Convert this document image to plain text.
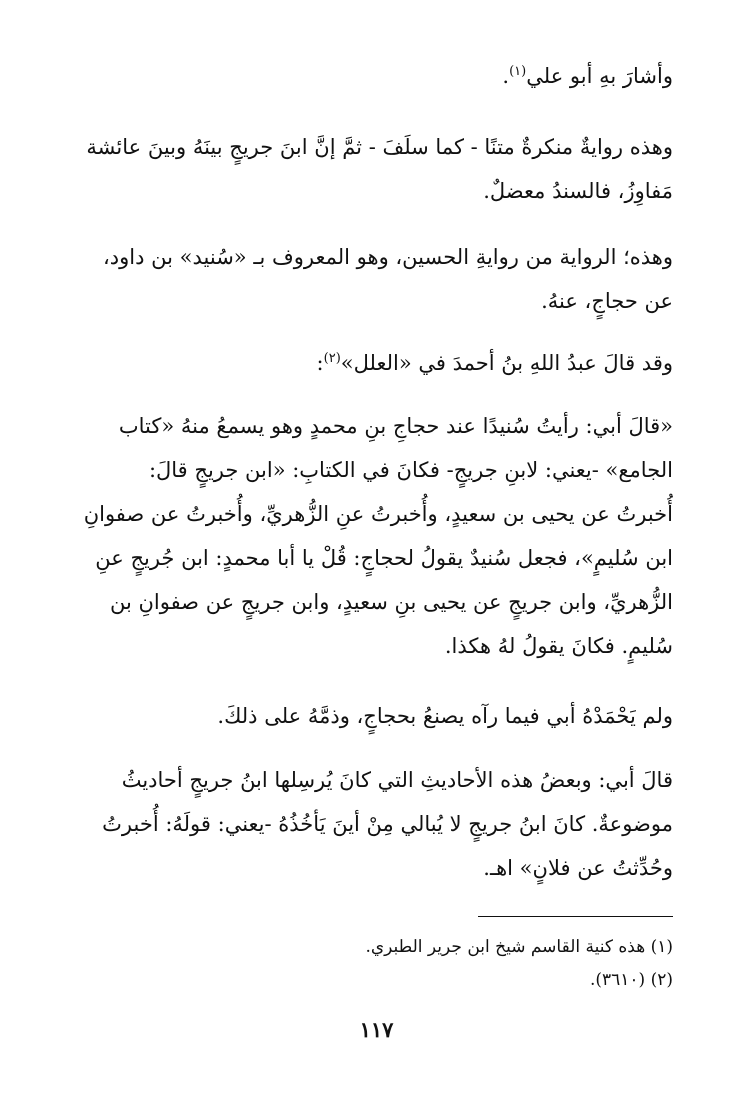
وأشارَ بهِ أبو علي$^{(١)}$.

وهذه روايةٌ منكرةٌ متنًا - كما سلَفَ - ثمَّ إنَّ ابنَ جريجٍ بينَهُ وبينَ عائشة
مَفاوِزُ، فالسندُ معضلٌ.

وهذه؛ الرواية من روايةِ الحسين، وهو المعروف بـ «سُنيد» بن داود،
عن حجاجٍ، عنهُ.

وقد قالَ عبدُ اللهِ بنُ أحمدَ في «العلل»$^{(٢)}$:

«قالَ أبي: رأيتُ سُنيدًا عند حجاجِ بنِ محمدٍ وهو يسمعُ منهُ «كتاب
الجامع» -يعني: لابنِ جريجٍ- فكانَ في الكتابِ: «ابن جريجٍ قالَ:
أُخبرتُ عن يحيى بن سعيدٍ، وأُخبرتُ عنِ الزُّهريِّ، وأُخبرتُ عن صفوانِ
ابن سُليمٍ»، فجعل سُنيدٌ يقولُ لحجاجٍ: قُلْ يا أبا محمدٍ: ابن جُريجٍ عنِ
الزُّهريِّ، وابن جريجٍ عن يحيى بنِ سعيدٍ، وابن جريجٍ عن صفوانِ بن
سُليمٍ. فكانَ يقولُ لهُ هكذا.

ولم يَحْمَدْهُ أبي فيما رآه يصنعُ بحجاجٍ، وذمَّهُ على ذلكَ.

قالَ أبي: وبعضُ هذه الأحاديثِ التي كانَ يُرسِلها ابنُ جريجٍ أحاديثُ
موضوعةٌ. كانَ ابنُ جريجٍ لا يُبالي مِنْ أينَ يَأخُذُهُ -يعني: قولَهُ: أُخبرتُ
وحُدِّثتُ عن فلانٍ» اهـ.

(١) هذه كنية القاسم شيخ ابن جرير الطبري.

(٢) (٣٦١٠).

١١٧
